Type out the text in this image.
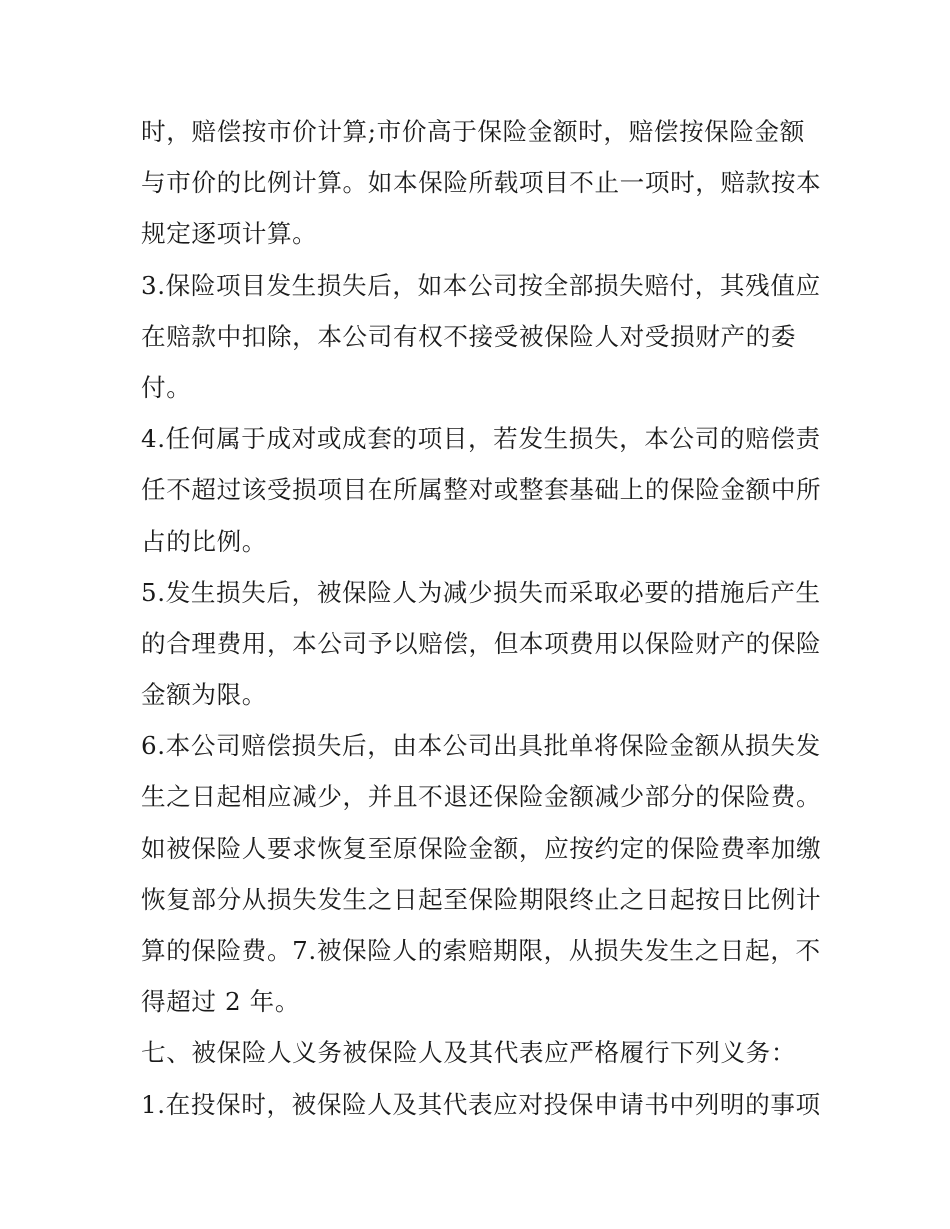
时，赔偿按市价计算;市价高于保险金额时，赔偿按保险金额
与市价的比例计算。如本保险所载项目不止一项时，赔款按本
规定逐项计算。
3.保险项目发生损失后，如本公司按全部损失赔付，其残值应
在赔款中扣除，本公司有权不接受被保险人对受损财产的委
付。
4.任何属于成对或成套的项目，若发生损失，本公司的赔偿责
任不超过该受损项目在所属整对或整套基础上的保险金额中所
占的比例。
5.发生损失后，被保险人为减少损失而采取必要的措施后产生
的合理费用，本公司予以赔偿，但本项费用以保险财产的保险
金额为限。
6.本公司赔偿损失后，由本公司出具批单将保险金额从损失发
生之日起相应减少，并且不退还保险金额减少部分的保险费。
如被保险人要求恢复至原保险金额，应按约定的保险费率加缴
恢复部分从损失发生之日起至保险期限终止之日起按日比例计
算的保险费。7.被保险人的索赔期限，从损失发生之日起，不
得超过 2 年。
七、被保险人义务被保险人及其代表应严格履行下列义务：
1.在投保时，被保险人及其代表应对投保申请书中列明的事项
